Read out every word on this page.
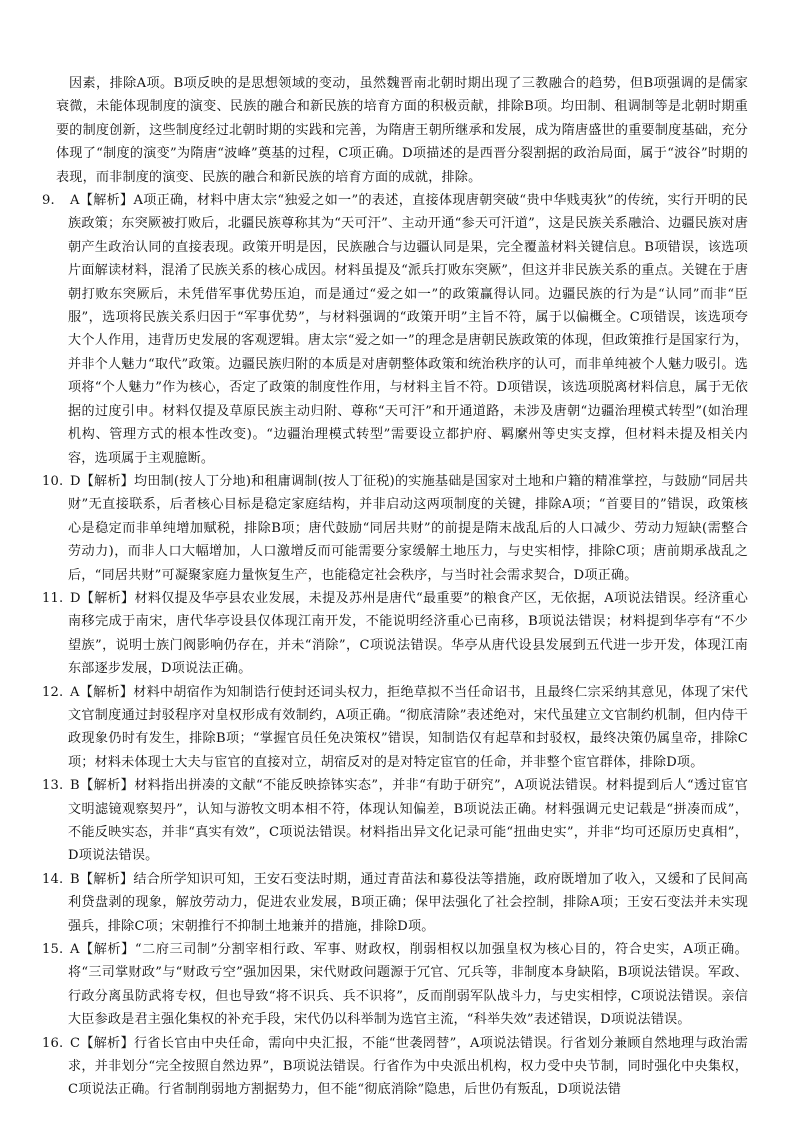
因素，排除A项。B项反映的是思想领域的变动，虽然魏晋南北朝时期出现了三教融合的趋势，但B项强调的是儒家衰微，未能体现制度的演变、民族的融合和新民族的培育方面的积极贡献，排除B项。均田制、租调制等是北朝时期重要的制度创新，这些制度经过北朝时期的实践和完善，为隋唐王朝所继承和发展，成为隋唐盛世的重要制度基础，充分体现了“制度的演变”为隋唐“波峰”奠基的过程，C项正确。D项描述的是西晋分裂割据的政治局面，属于“波谷”时期的表现，而非制度的演变、民族的融合和新民族的培育方面的成就，排除。

9.	A【解析】A项正确，材料中唐太宗“独爱之如一”的表述，直接体现唐朝突破“贵中华贱夷狄”的传统，实行开明的民族政策；东突厥被打败后，北疆民族尊称其为“天可汗”、主动开通“参天可汗道”，这是民族关系融洽、边疆民族对唐朝产生政治认同的直接表现。政策开明是因，民族融合与边疆认同是果，完全覆盖材料关键信息。B项错误，该选项片面解读材料，混淆了民族关系的核心成因。材料虽提及“派兵打败东突厥”，但这并非民族关系的重点。关键在于唐朝打败东突厥后，未凭借军事优势压迫，而是通过“爱之如一”的政策赢得认同。边疆民族的行为是“认同”而非“臣服”，选项将民族关系归因于“军事优势”，与材料强调的“政策开明”主旨不符，属于以偏概全。C项错误，该选项夸大个人作用，违背历史发展的客观逻辑。唐太宗“爱之如一”的理念是唐朝民族政策的体现，但政策推行是国家行为，并非个人魅力“取代”政策。边疆民族归附的本质是对唐朝整体政策和统治秩序的认可，而非单纯被个人魅力吸引。选项将“个人魅力”作为核心，否定了政策的制度性作用，与材料主旨不符。D项错误，该选项脱离材料信息，属于无依据的过度引申。材料仅提及草原民族主动归附、尊称“天可汗”和开通道路，未涉及唐朝“边疆治理模式转型”(如治理机构、管理方式的根本性改变)。“边疆治理模式转型”需要设立都护府、羁縻州等史实支撑，但材料未提及相关内容，选项属于主观臆断。

10. D【解析】均田制(按人丁分地)和租庸调制(按人丁征税)的实施基础是国家对土地和户籍的精准掌控，与鼓励“同居共财”无直接联系，后者核心目标是稳定家庭结构，并非启动这两项制度的关键，排除A项；“首要目的”错误，政策核心是稳定而非单纯增加赋税，排除B项；唐代鼓励“同居共财”的前提是隋末战乱后的人口减少、劳动力短缺(需整合劳动力)，而非人口大幅增加，人口激增反而可能需要分家缓解土地压力，与史实相悖，排除C项；唐前期承战乱之后，“同居共财”可凝聚家庭力量恢复生产，也能稳定社会秩序，与当时社会需求契合，D项正确。

11. D【解析】材料仅提及华亭县农业发展，未提及苏州是唐代“最重要”的粮食产区，无依据，A项说法错误。经济重心南移完成于南宋，唐代华亭设县仅体现江南开发，不能说明经济重心已南移，B项说法错误；材料提到华亭有“不少望族”，说明士族门阀影响仍存在，并未“消除”，C项说法错误。华亭从唐代设县发展到五代进一步开发，体现江南东部逐步发展，D项说法正确。

12. A【解析】材料中胡宿作为知制诰行使封还词头权力，拒绝草拟不当任命诏书，且最终仁宗采纳其意见，体现了宋代文官制度通过封驳程序对皇权形成有效制约，A项正确。“彻底清除”表述绝对，宋代虽建立文官制约机制，但内侍干政现象仍时有发生，排除B项；“掌握官员任免决策权”错误，知制诰仅有起草和封驳权，最终决策仍属皇帝，排除C项；材料未体现士大夫与宦官的直接对立，胡宿反对的是对特定宦官的任命，并非整个宦官群体，排除D项。

13. B【解析】材料指出拼凑的文献“不能反映捺钵实态”，并非“有助于研究”，A项说法错误。材料提到后人“透过宦官文明滤镜观察契丹”，认知与游牧文明本相不符，体现认知偏差，B项说法正确。材料强调元史记载是“拼凑而成”，不能反映实态，并非“真实有效”，C项说法错误。材料指出异文化记录可能“扭曲史实”，并非“均可还原历史真相”，D项说法错误。

14. B【解析】结合所学知识可知，王安石变法时期，通过青苗法和募役法等措施，政府既增加了收入，又缓和了民间高利贷盘剥的现象，解放劳动力，促进农业发展，B项正确；保甲法强化了社会控制，排除A项；王安石变法并未实现强兵，排除C项；宋朝推行不抑制土地兼并的措施，排除D项。

15. A【解析】“二府三司制”分割宰相行政、军事、财政权，削弱相权以加强皇权为核心目的，符合史实，A项正确。将“三司掌财政”与“财政亏空”强加因果，宋代财政问题源于冗官、冗兵等，非制度本身缺陷，B项说法错误。军政、行政分离虽防武将专权，但也导致“将不识兵、兵不识将”，反而削弱军队战斗力，与史实相悖，C项说法错误。亲信大臣参政是君主强化集权的补充手段，宋代仍以科举制为选官主流，“科举失效”表述错误，D项说法错误。

16. C【解析】行省长官由中央任命，需向中央汇报，不能“世袭罔替”，A项说法错误。行省划分兼顾自然地理与政治需求，并非划分“完全按照自然边界”，B项说法错误。行省作为中央派出机构，权力受中央节制，同时强化中央集权，C项说法正确。行省制削弱地方割据势力，但不能“彻底消除”隐患，后世仍有叛乱，D项说法错
